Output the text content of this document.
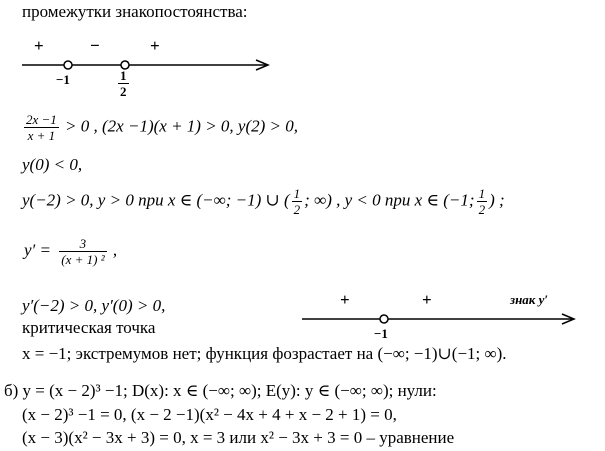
промежутки знакопостоянства:
+	−	+
−1	$\frac{1}{2}$
$\frac{2x -1}{x + 1} > 0$ , (2x −1)(x + 1) > 0, y(2) > 0,
y(0) < 0,
y(−2) > 0, y > 0 при x ∈ (−∞; −1) ∪ ( $\frac{1}{2}$ ; ∞) , y < 0 при x ∈ (−1; $\frac{1}{2}$ ) ;
$y' = \frac{3}{\text{(x + 1) ²}}$ ,
+	+	знак y′
−1
y′(−2) > 0, y′(0) > 0,
критическая точка
x = −1; экстремумов нет; функция фозрастает на (−∞; −1)∪(−1; ∞).
б) y = (x − 2)³ −1; D(x): x ∈ (−∞; ∞); E(y): y ∈ (−∞; ∞); нули:
(x − 2)³ −1 = 0, (x − 2 −1)(x² − 4x + 4 + x − 2 + 1) = 0,
(x − 3)(x² − 3x + 3) = 0, x = 3 или x² − 3x + 3 = 0 – уравнение
